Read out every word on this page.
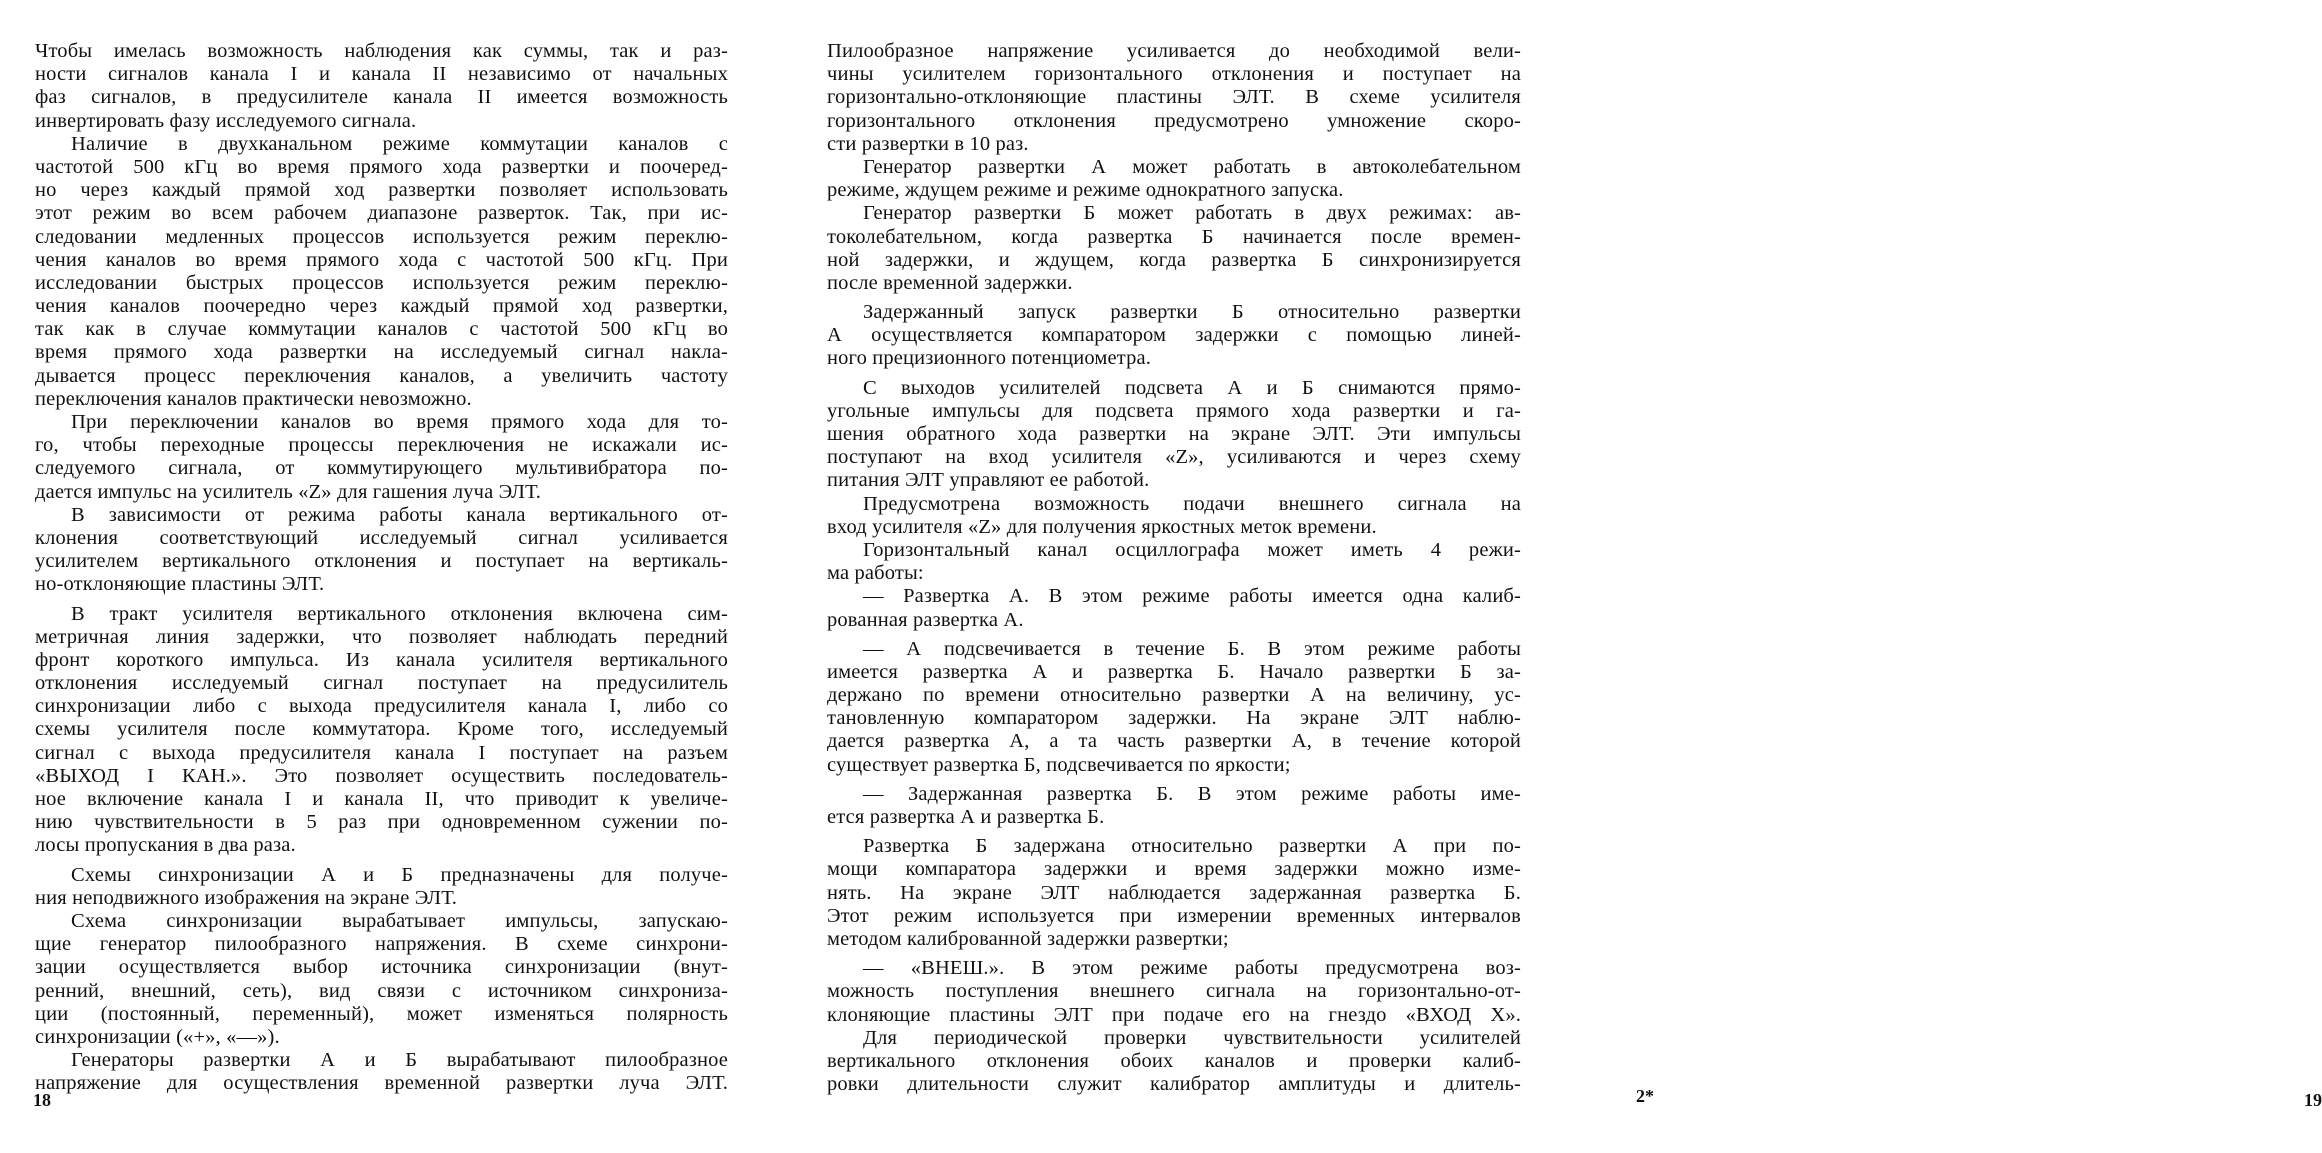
Чтобы имелась возможность наблюдения как суммы, так и раз-
ности сигналов канала I и канала II независимо от начальных
фаз сигналов, в предусилителе канала II имеется возможность
инвертировать фазу исследуемого сигнала.
Наличие в двухканальном режиме коммутации каналов с
частотой 500 кГц во время прямого хода развертки и поочеред-
но через каждый прямой ход развертки позволяет использовать
этот режим во всем рабочем диапазоне разверток. Так, при ис-
следовании медленных процессов используется режим переклю-
чения каналов во время прямого хода с частотой 500 кГц. При
исследовании быстрых процессов используется режим переклю-
чения каналов поочередно через каждый прямой ход развертки,
так как в случае коммутации каналов с частотой 500 кГц во
время прямого хода развертки на исследуемый сигнал накла-
дывается процесс переключения каналов, а увеличить частоту
переключения каналов практически невозможно.
При переключении каналов во время прямого хода для то-
го, чтобы переходные процессы переключения не искажали ис-
следуемого сигнала, от коммутирующего мультивибратора по-
дается импульс на усилитель «Z» для гашения луча ЭЛТ.
В зависимости от режима работы канала вертикального от-
клонения соответствующий исследуемый сигнал усиливается
усилителем вертикального отклонения и поступает на вертикаль-
но-отклоняющие пластины ЭЛТ.
В тракт усилителя вертикального отклонения включена сим-
метричная линия задержки, что позволяет наблюдать передний
фронт короткого импульса. Из канала усилителя вертикального
отклонения исследуемый сигнал поступает на предусилитель
синхронизации либо с выхода предусилителя канала I, либо со
схемы усилителя после коммутатора. Кроме того, исследуемый
сигнал с выхода предусилителя канала I поступает на разъем
«ВЫХОД I КАН.». Это позволяет осуществить последователь-
ное включение канала I и канала II, что приводит к увеличе-
нию чувствительности в 5 раз при одновременном сужении по-
лосы пропускания в два раза.
Схемы синхронизации А и Б предназначены для получе-
ния неподвижного изображения на экране ЭЛТ.
Схема синхронизации вырабатывает импульсы, запускаю-
щие генератор пилообразного напряжения. В схеме синхрони-
зации осуществляется выбор источника синхронизации (внут-
ренний, внешний, сеть), вид связи с источником синхрониза-
ции (постоянный, переменный), может изменяться полярность
синхронизации («+», «—»).
Генераторы развертки А и Б вырабатывают пилообразное
напряжение для осуществления временной развертки луча ЭЛТ.
18
Пилообразное напряжение усиливается до необходимой вели-
чины усилителем горизонтального отклонения и поступает на
горизонтально-отклоняющие пластины ЭЛТ. В схеме усилителя
горизонтального отклонения предусмотрено умножение скоро-
сти развертки в 10 раз.
Генератор развертки А может работать в автоколебательном
режиме, ждущем режиме и режиме однократного запуска.
Генератор развертки Б может работать в двух режимах: ав-
токолебательном, когда развертка Б начинается после времен-
ной задержки, и ждущем, когда развертка Б синхронизируется
после временной задержки.
Задержанный запуск развертки Б относительно развертки
А осуществляется компаратором задержки с помощью линей-
ного прецизионного потенциометра.
С выходов усилителей подсвета А и Б снимаются прямо-
угольные импульсы для подсвета прямого хода развертки и га-
шения обратного хода развертки на экране ЭЛТ. Эти импульсы
поступают на вход усилителя «Z», усиливаются и через схему
питания ЭЛТ управляют ее работой.
Предусмотрена возможность подачи внешнего сигнала на
вход усилителя «Z» для получения яркостных меток времени.
Горизонтальный канал осциллографа может иметь 4 режи-
ма работы:
— Развертка А. В этом режиме работы имеется одна калиб-
рованная развертка А.
— А подсвечивается в течение Б. В этом режиме работы
имеется развертка А и развертка Б. Начало развертки Б за-
держано по времени относительно развертки А на величину, ус-
тановленную компаратором задержки. На экране ЭЛТ наблю-
дается развертка А, а та часть развертки А, в течение которой
существует развертка Б, подсвечивается по яркости;
— Задержанная развертка Б. В этом режиме работы име-
ется развертка А и развертка Б.
Развертка Б задержана относительно развертки А при по-
мощи компаратора задержки и время задержки можно изме-
нять. На экране ЭЛТ наблюдается задержанная развертка Б.
Этот режим используется при измерении временных интервалов
методом калиброванной задержки развертки;
— «ВНЕШ.». В этом режиме работы предусмотрена воз-
можность поступления внешнего сигнала на горизонтально-от-
клоняющие пластины ЭЛТ при подаче его на гнездо «ВХОД Х».
Для периодической проверки чувствительности усилителей
вертикального отклонения обоих каналов и проверки калиб-
ровки длительности служит калибратор амплитуды и длитель-
2*	19
